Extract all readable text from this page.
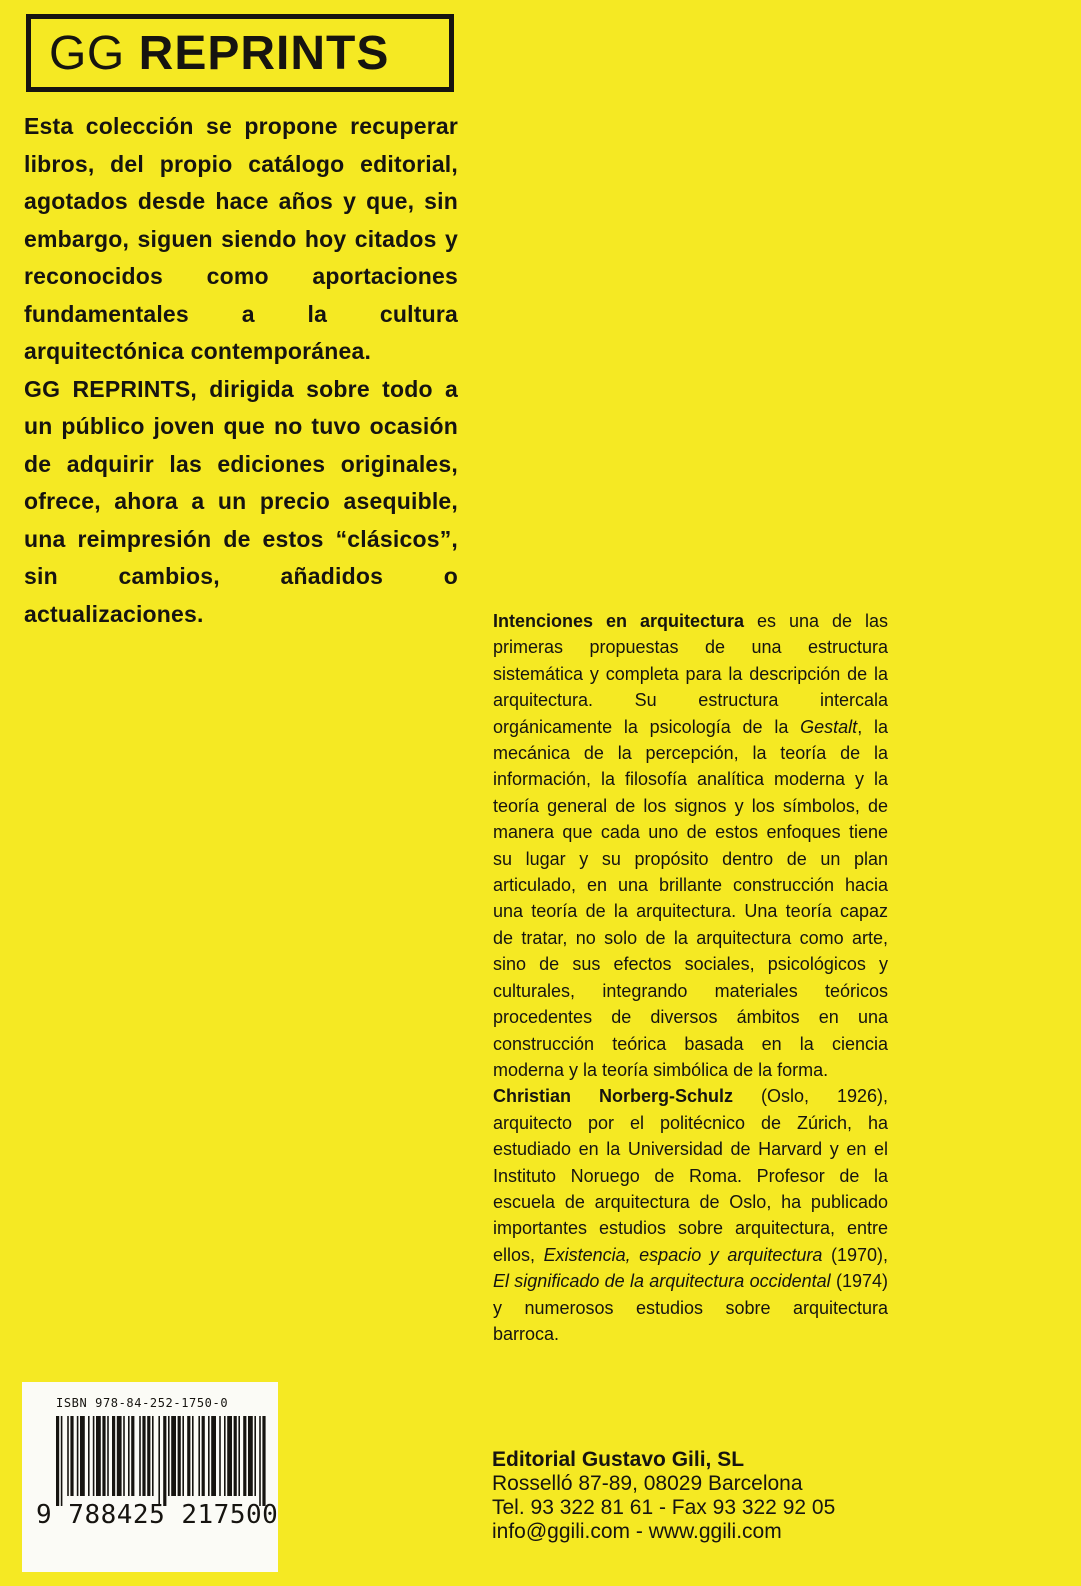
GG REPRINTS

Esta colección se propone recuperar libros, del propio catálogo editorial, agotados desde hace años y que, sin embargo, siguen siendo hoy citados y reconocidos como aportaciones fundamentales a la cultura arquitectónica contemporánea.

GG REPRINTS, dirigida sobre todo a un público joven que no tuvo ocasión de adquirir las ediciones originales, ofrece, ahora a un precio asequible, una reimpresión de estos “clásicos”, sin cambios, añadidos o actualizaciones.	Intenciones en arquitectura es una de las primeras propuestas de una estructura sistemática y completa para la descripción de la arquitectura. Su estructura intercala orgánicamente la psicología de la Gestalt, la mecánica de la percepción, la teoría de la información, la filosofía analítica moderna y la teoría general de los signos y los símbolos, de manera que cada uno de estos enfoques tiene su lugar y su propósito dentro de un plan articulado, en una brillante construcción hacia una teoría de la arquitectura. Una teoría capaz de tratar, no solo de la arquitectura como arte, sino de sus efectos sociales, psicológicos y culturales, integrando materiales teóricos procedentes de diversos ámbitos en una construcción teórica basada en la ciencia moderna y la teoría simbólica de la forma.

Christian Norberg-Schulz (Oslo, 1926), arquitecto por el politécnico de Zúrich, ha estudiado en la Universidad de Harvard y en el Instituto Noruego de Roma. Profesor de la escuela de arquitectura de Oslo, ha publicado importantes estudios sobre arquitectura, entre ellos, Existencia, espacio y arquitectura (1970), El significado de la arquitectura occidental (1974) y numerosos estudios sobre arquitectura barroca.

ISBN 978-84-252-1750-0
9 788425 217500
Editorial Gustavo Gili, SL
Rosselló 87-89, 08029 Barcelona
Tel. 93 322 81 61 - Fax 93 322 92 05
info@ggili.com - www.ggili.com
